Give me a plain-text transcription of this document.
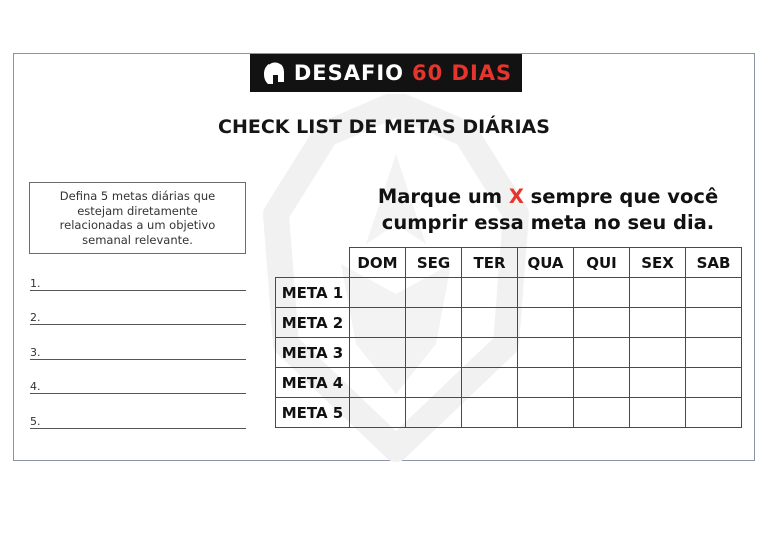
DESAFIO 60 DIAS
CHECK LIST DE METAS DIÁRIAS
Defina 5 metas diárias que estejam diretamente relacionadas a um objetivo semanal relevante.
1.
2.
3.
4.
5.
Marque um X sempre que você cumprir essa meta no seu dia.
	DOM	SEG	TER	QUA	QUI	SEX	SAB
META 1							
META 2							
META 3							
META 4							
META 5							
